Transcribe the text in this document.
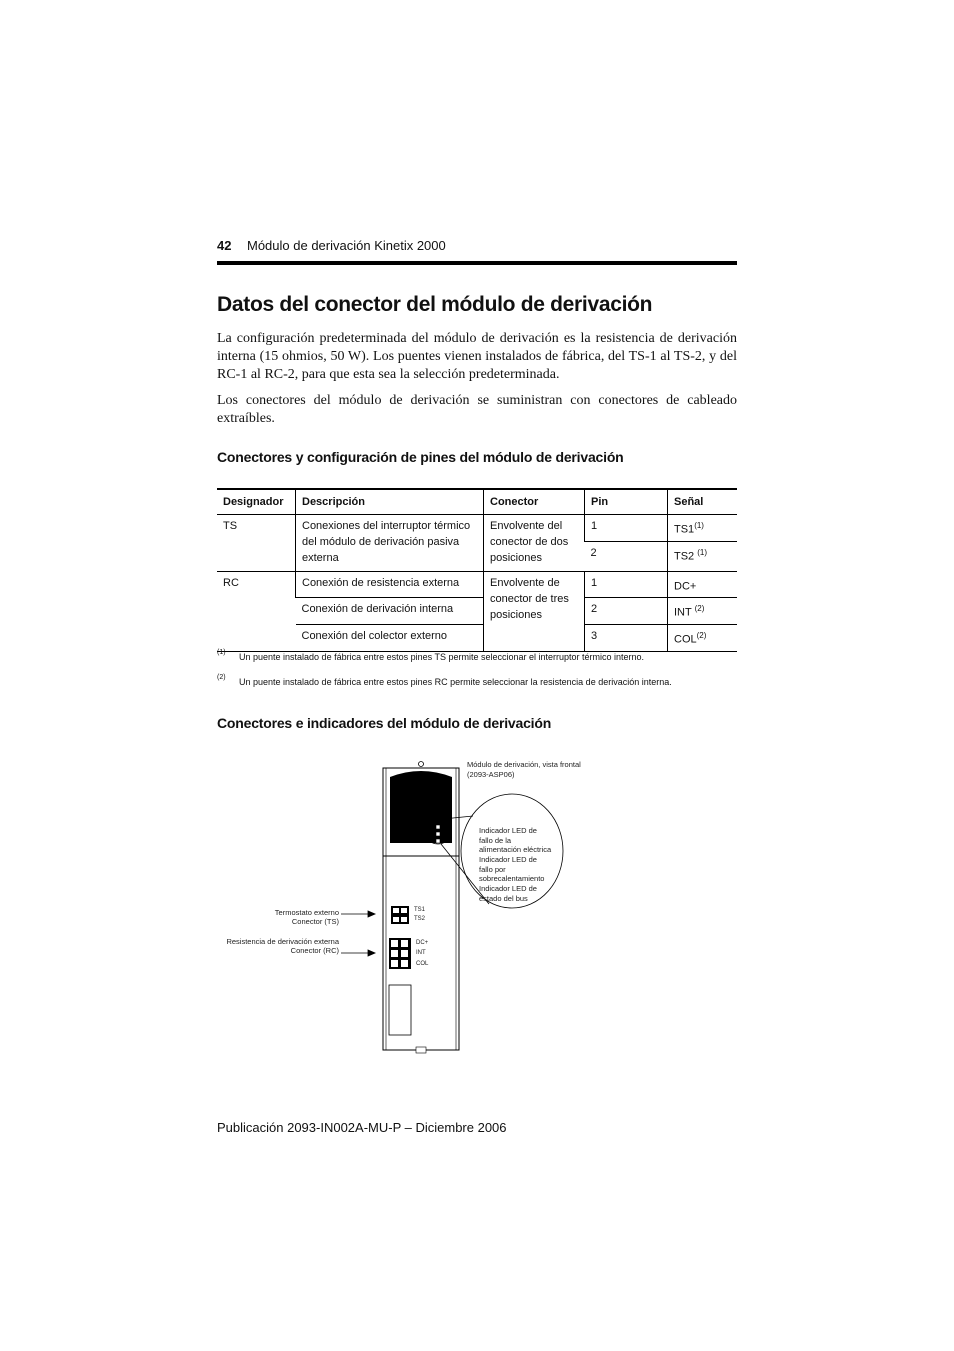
42 Módulo de derivación Kinetix 2000
Datos del conector del módulo de derivación

La configuración predeterminada del módulo de derivación es la resistencia de derivación interna (15 ohmios, 50 W). Los puentes vienen instalados de fábrica, del TS-1 al TS-2, y del RC-1 al RC-2, para que esta sea la selección predeterminada.

Los conectores del módulo de derivación se suministran con conectores de cableado extraíbles.

Conectores y configuración de pines del módulo de derivación
Designador	Descripción	Conector	Pin	Señal
TS	Conexiones del interruptor térmico del módulo de derivación pasiva externa	Envolvente del conector de dos posiciones	1	TS1$^{(1)}$
			2	TS2 $^{(1)}$
RC	Conexión de resistencia externa	Envolvente de conector de tres posiciones	1	DC+
	Conexión de derivación interna		2	INT $^{(2)}$
	Conexión del colector externo		3	COL$^{(2)}$
(1) Un puente instalado de fábrica entre estos pines TS permite seleccionar el interruptor térmico interno.
(2) Un puente instalado de fábrica entre estos pines RC permite seleccionar la resistencia de derivación interna.
Conectores e indicadores del módulo de derivación
Módulo de derivación, vista frontal
(2093-ASP06)
Indicador LED de
fallo de la
alimentación eléctrica
Indicador LED de
fallo por
sobrecalentamiento
Indicador LED de
estado del bus
Termostato externo
Conector (TS)
Resistencia de derivación externa
Conector (RC)
TS1
TS2
DC+
INT
COL
Publicación 2093-IN002A-MU-P – Diciembre 2006
